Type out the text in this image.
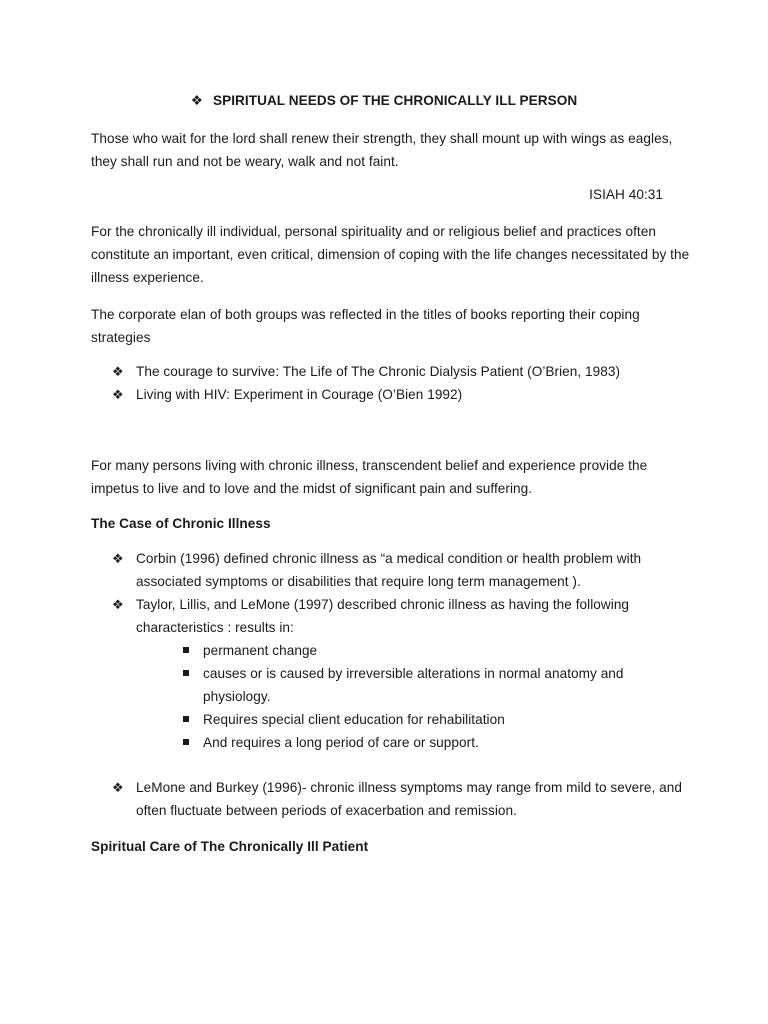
❖ SPIRITUAL NEEDS OF THE CHRONICALLY ILL PERSON

Those who wait for the lord shall renew their strength, they shall mount up with wings as eagles, they shall run and not be weary, walk and not faint.

ISIAH 40:31

For the chronically ill individual, personal spirituality and or religious belief and practices often constitute an important, even critical, dimension of coping with the life changes necessitated by the illness experience.

The corporate elan of both groups was reflected in the titles of books reporting their coping strategies

❖ The courage to survive: The Life of The Chronic Dialysis Patient (O’Brien, 1983)
❖ Living with HIV: Experiment in Courage (O’Bien 1992)

For many persons living with chronic illness, transcendent belief and experience provide the impetus to live and to love and the midst of significant pain and suffering.

The Case of Chronic Illness
❖ Corbin (1996) defined chronic illness as “a medical condition or health problem with associated symptoms or disabilities that require long term management ).
❖ Taylor, Lillis, and LeMone (1997) described chronic illness as having the following characteristics : results in:
permanent change
causes or is caused by irreversible alterations in normal anatomy and physiology.
Requires special client education for rehabilitation
And requires a long period of care or support.
❖ LeMone and Burkey (1996)- chronic illness symptoms may range from mild to severe, and often fluctuate between periods of exacerbation and remission.
Spiritual Care of The Chronically Ill Patient
